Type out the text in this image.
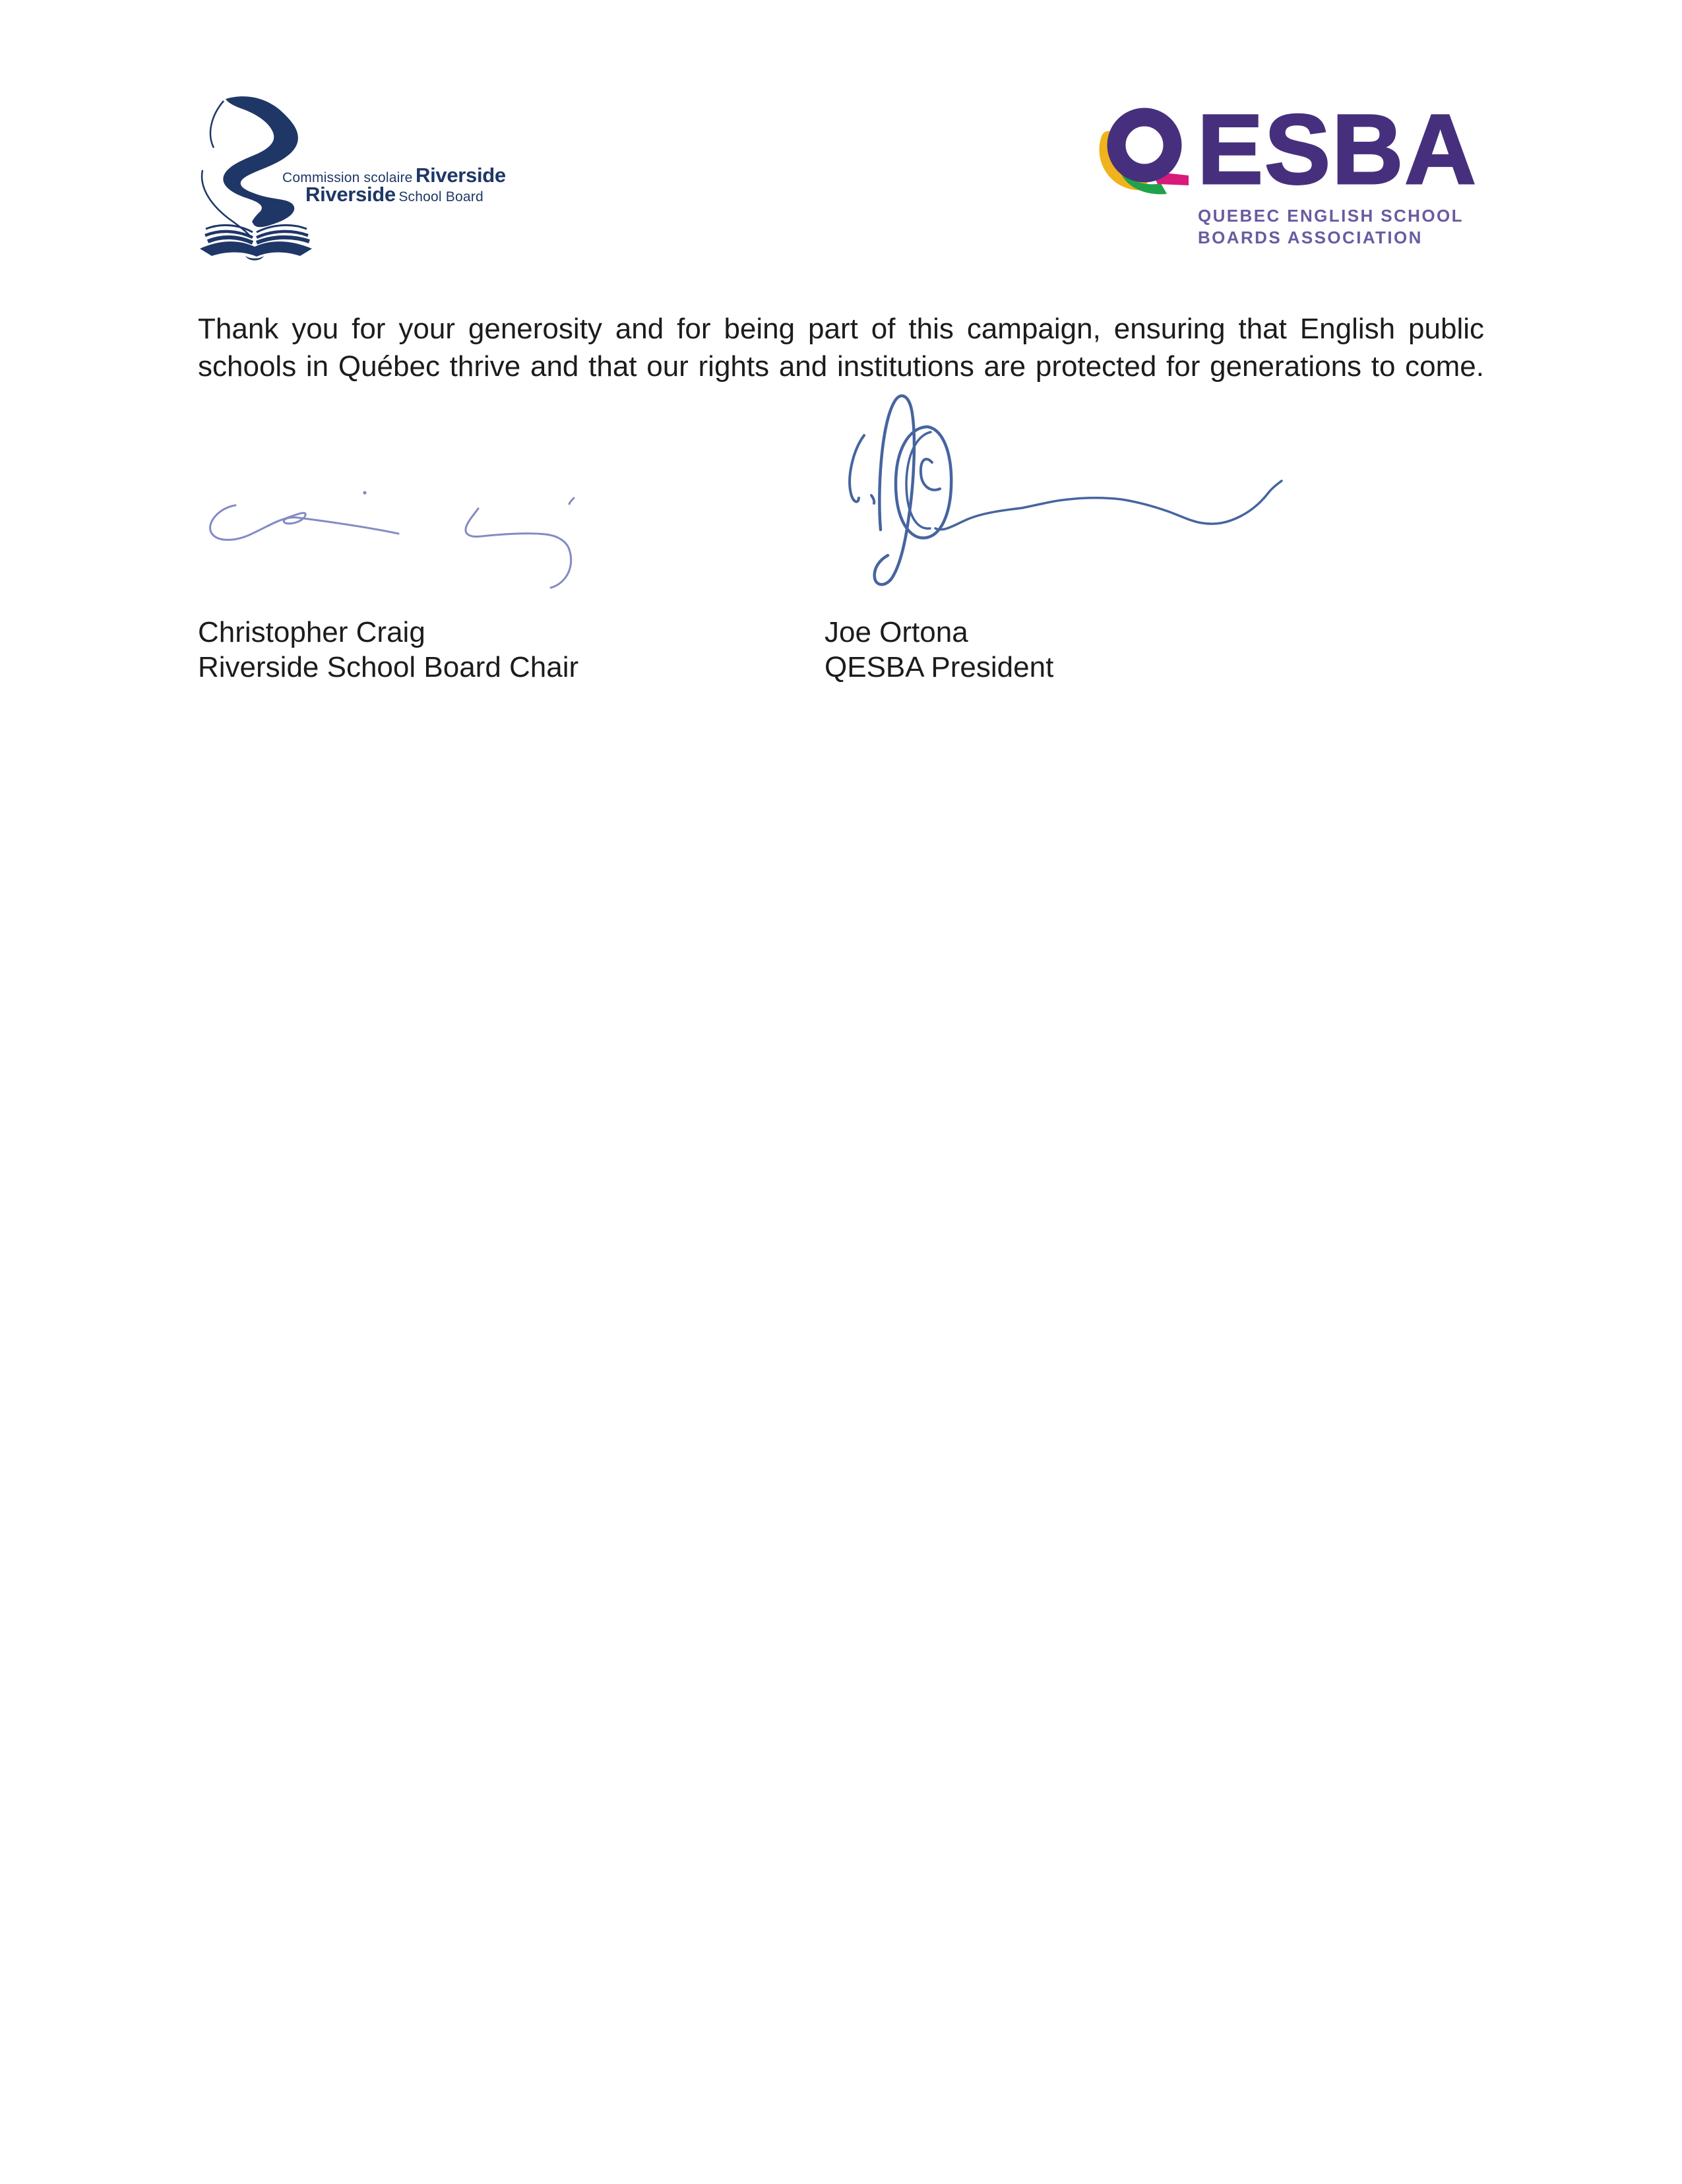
Commission scolaire Riverside
Riverside School Board	ESBA
QUEBEC ENGLISH SCHOOL
BOARDS ASSOCIATION
Thank you for your generosity and for being part of this campaign, ensuring that English public
schools in Québec thrive and that our rights and institutions are protected for generations to come.
Christopher Craig
Riverside School Board Chair
Joe Ortona
QESBA President
